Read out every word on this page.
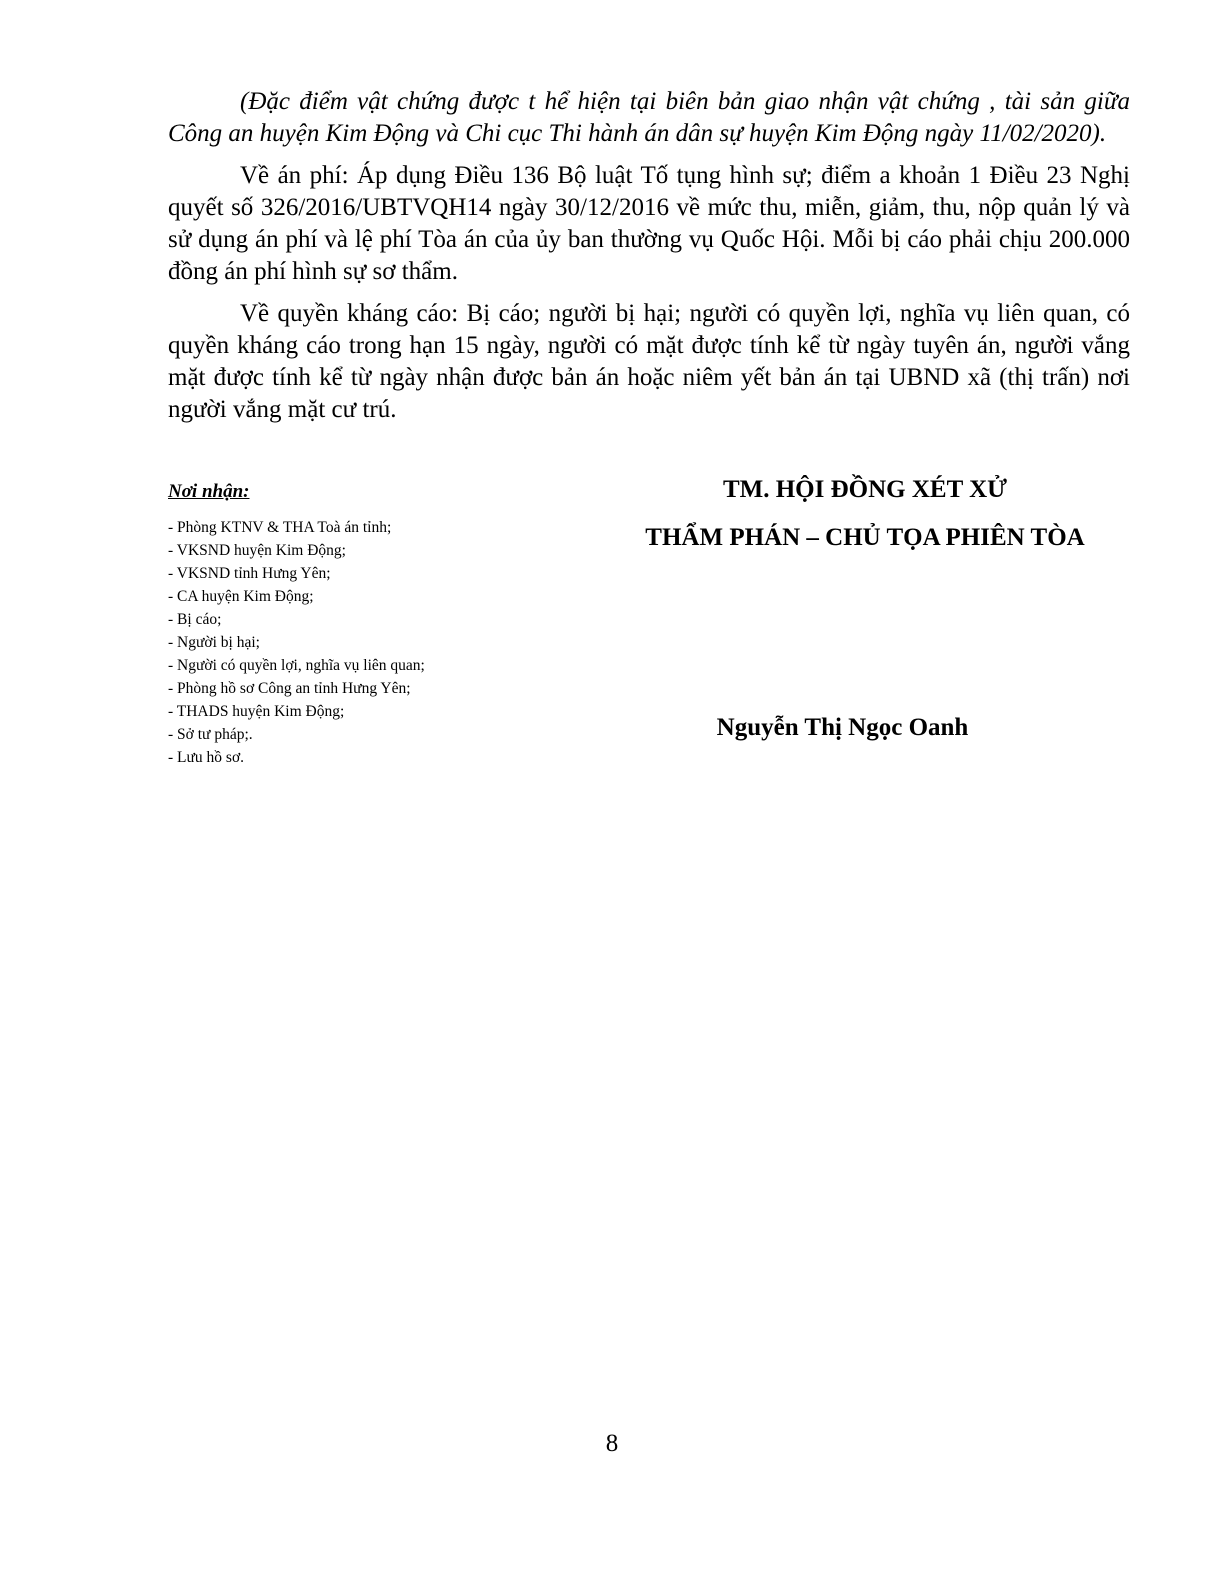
(Đặc điểm vật chứng được t hể hiện tại biên bản giao nhận vật chứng , tài sản giữa Công an huyện Kim Động và Chi cục Thi hành án dân sự huyện Kim Động ngày 11/02/2020).

Về án phí: Áp dụng Điều 136 Bộ luật Tố tụng hình sự; điểm a khoản 1 Điều 23 Nghị quyết số 326/2016/UBTVQH14 ngày 30/12/2016 về mức thu, miễn, giảm, thu, nộp quản lý và sử dụng án phí và lệ phí Tòa án của ủy ban thường vụ Quốc Hội. Mỗi bị cáo phải chịu 200.000 đồng án phí hình sự sơ thẩm.

Về quyền kháng cáo: Bị cáo; người bị hại; người có quyền lợi, nghĩa vụ liên quan, có quyền kháng cáo trong hạn 15 ngày, người có mặt được tính kể từ ngày tuyên án, người vắng mặt được tính kể từ ngày nhận được bản án hoặc niêm yết bản án tại UBND xã (thị trấn) nơi người vắng mặt cư trú.

Nơi nhận:

- Phòng KTNV & THA Toà án tỉnh;
- VKSND huyện Kim Động;
- VKSND tỉnh Hưng Yên;
- CA huyện Kim Động;
- Bị cáo;
- Người bị hại;
- Người có quyền lợi, nghĩa vụ liên quan;
- Phòng hồ sơ Công an tỉnh Hưng Yên;
- THADS huyện Kim Động;
- Sở tư pháp;.
- Lưu hồ sơ.

TM. HỘI ĐỒNG XÉT XỬ

THẨM PHÁN – CHỦ TỌA PHIÊN TÒA

Nguyễn Thị Ngọc Oanh

8
